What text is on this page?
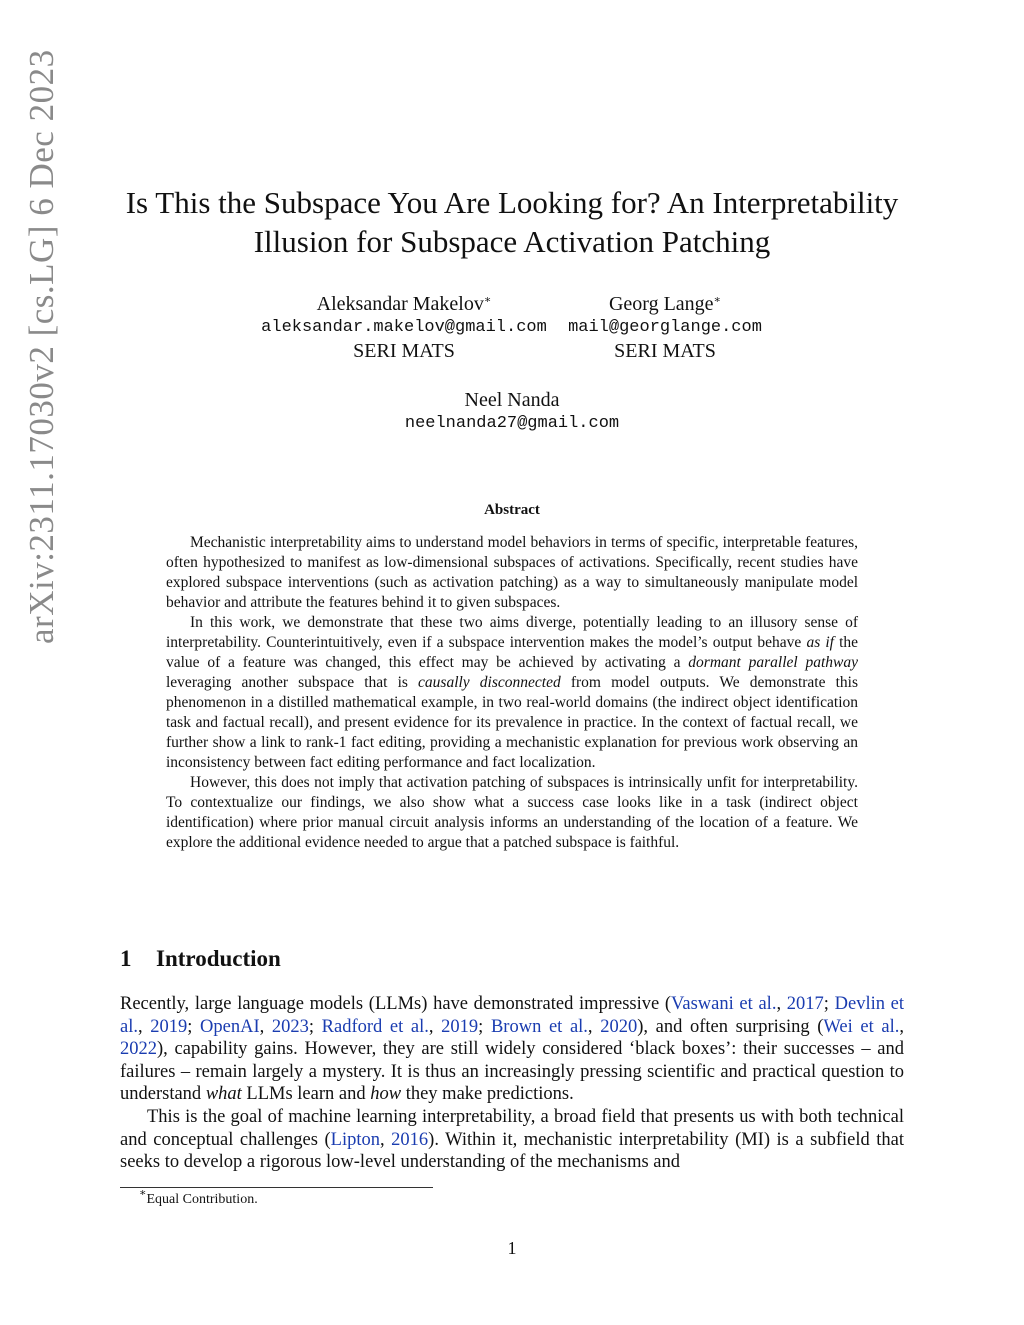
arXiv:2311.17030v2 [cs.LG] 6 Dec 2023	Is This the Subspace You Are Looking for? An Interpretability
Illusion for Subspace Activation Patching
Aleksandar Makelov∗
aleksandar.makelov@gmail.com
SERI MATS
Georg Lange∗
mail@georglange.com
SERI MATS
Neel Nanda
neelnanda27@gmail.com
Abstract

Mechanistic interpretability aims to understand model behaviors in terms of specific, interpretable features, often hypothesized to manifest as low-dimensional subspaces of activations. Specifically, recent studies have explored subspace interventions (such as activation patching) as a way to simultaneously manipulate model behavior and attribute the features behind it to given subspaces.

In this work, we demonstrate that these two aims diverge, potentially leading to an illusory sense of interpretability. Counterintuitively, even if a subspace intervention makes the model’s output behave as if the value of a feature was changed, this effect may be achieved by activating a dormant parallel pathway leveraging another subspace that is causally disconnected from model outputs. We demonstrate this phenomenon in a distilled mathematical example, in two real-world domains (the indirect object identification task and factual recall), and present evidence for its prevalence in practice. In the context of factual recall, we further show a link to rank-1 fact editing, providing a mechanistic explanation for previous work observing an inconsistency between fact editing performance and fact localization.

However, this does not imply that activation patching of subspaces is intrinsically unfit for interpretability. To contextualize our findings, we also show what a success case looks like in a task (indirect object identification) where prior manual circuit analysis informs an understanding of the location of a feature. We explore the additional evidence needed to argue that a patched subspace is faithful.

1 Introduction

Recently, large language models (LLMs) have demonstrated impressive (Vaswani et al., 2017; Devlin et al., 2019; OpenAI, 2023; Radford et al., 2019; Brown et al., 2020), and often surprising (Wei et al., 2022), capability gains. However, they are still widely considered ‘black boxes’: their successes – and failures – remain largely a mystery. It is thus an increasingly pressing scientific and practical question to understand what LLMs learn and how they make predictions.

This is the goal of machine learning interpretability, a broad field that presents us with both technical and conceptual challenges (Lipton, 2016). Within it, mechanistic interpretability (MI) is a subfield that seeks to develop a rigorous low-level understanding of the mechanisms and

∗Equal Contribution.
1
